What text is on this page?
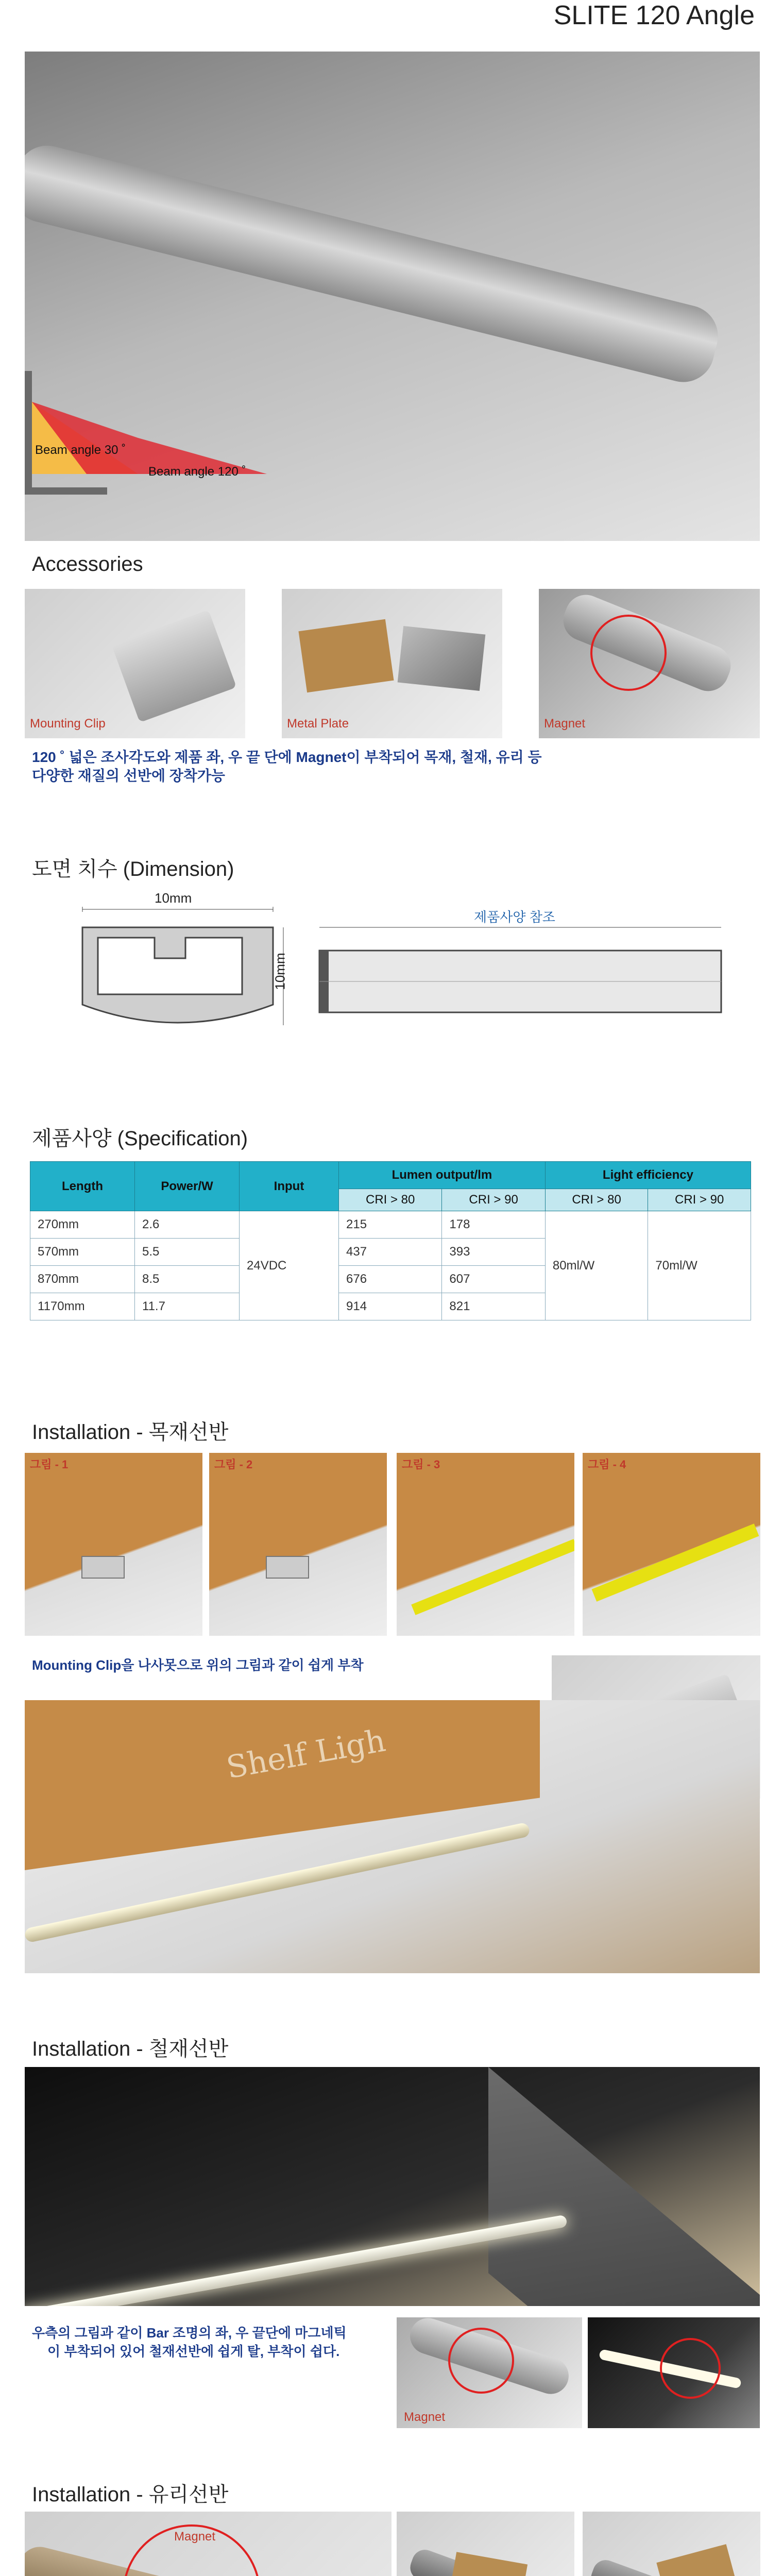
SLITE 120 Angle
Beam angle 30 ˚
Beam angle 120 ˚
Accessories
Mounting Clip	Metal Plate	Magnet
120 ˚ 넓은 조사각도와 제품 좌, 우 끝 단에 Magnet이 부착되어 목재, 철재, 유리 등
다양한 재질의 선반에 장착가능
도면 치수 (Dimension)
10mm
10mm
제품사양 참조
제품사양 (Specification)
Length	Power/W	Input	Lumen output/lm		Light efficiency	
			CRI > 80	CRI > 90	CRI > 80	CRI > 90
270mm	2.6	24VDC	215	178	80ml/W	70ml/W
570mm	5.5		437	393		
870mm	8.5		676	607		
1170mm	11.7		914	821		
Installation - 목재선반
그림 - 1	그림 - 2	그림 - 3	그림 - 4
Mounting Clip을 나사못으로 위의 그림과 같이 쉽게 부착
Shelf Ligh
Installation - 철재선반
우측의 그림과 같이 Bar 조명의 좌, 우 끝단에 마그네틱
이 부착되어 있어 철재선반에 쉽게 탈, 부착이 쉽다.
Magnet
Installation - 유리선반
Magnet
